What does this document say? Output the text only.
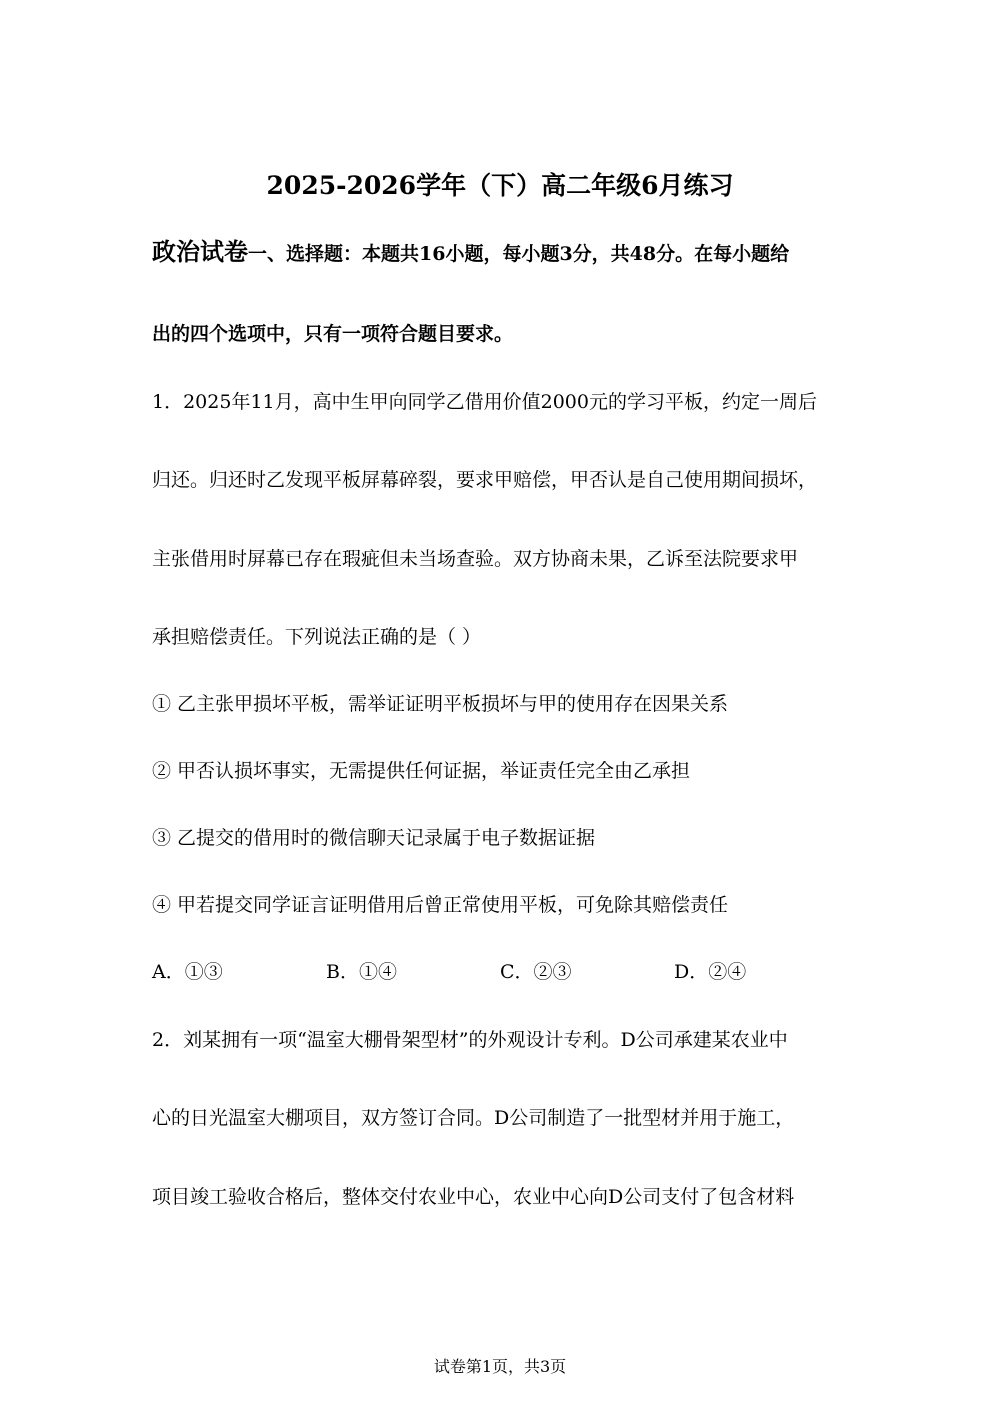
2025-2026学年（下）高二年级6月练习
政治试卷一、选择题：本题共16小题，每小题3分，共48分。在每小题给
出的四个选项中，只有一项符合题目要求。
1．2025年11月，高中生甲向同学乙借用价值2000元的学习平板，约定一周后
归还。归还时乙发现平板屏幕碎裂，要求甲赔偿，甲否认是自己使用期间损坏，
主张借用时屏幕已存在瑕疵但未当场查验。双方协商未果，乙诉至法院要求甲
承担赔偿责任。下列说法正确的是（ ）
① 乙主张甲损坏平板，需举证证明平板损坏与甲的使用存在因果关系
② 甲否认损坏事实，无需提供任何证据，举证责任完全由乙承担
③ 乙提交的借用时的微信聊天记录属于电子数据证据
④ 甲若提交同学证言证明借用后曾正常使用平板，可免除其赔偿责任
A．①③	B．①④	C．②③	D．②④
2．刘某拥有一项“温室大棚骨架型材”的外观设计专利。D公司承建某农业中
心的日光温室大棚项目，双方签订合同。D公司制造了一批型材并用于施工，
项目竣工验收合格后，整体交付农业中心，农业中心向D公司支付了包含材料
试卷第1页，共3页
